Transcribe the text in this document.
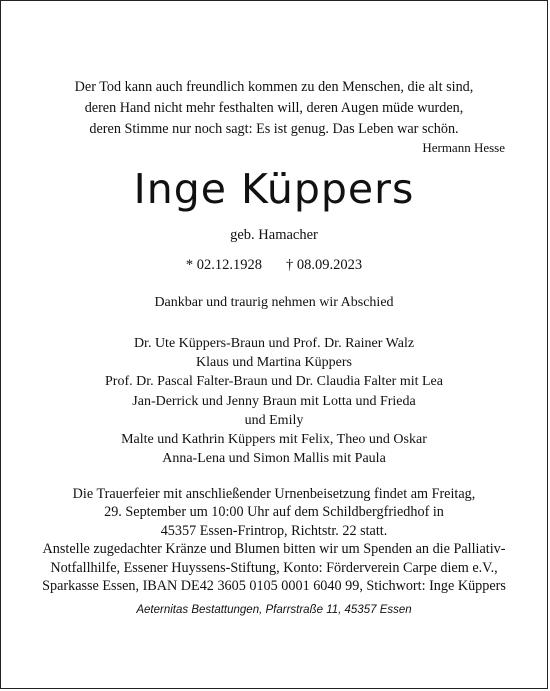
Der Tod kann auch freundlich kommen zu den Menschen, die alt sind,
deren Hand nicht mehr festhalten will, deren Augen müde wurden,
deren Stimme nur noch sagt: Es ist genug. Das Leben war schön.
Hermann Hesse
Inge Küppers
geb. Hamacher
* 02.12.1928 † 08.09.2023
Dankbar und traurig nehmen wir Abschied
Dr. Ute Küppers-Braun und Prof. Dr. Rainer Walz
Klaus und Martina Küppers
Prof. Dr. Pascal Falter-Braun und Dr. Claudia Falter mit Lea
Jan-Derrick und Jenny Braun mit Lotta und Frieda
und Emily
Malte und Kathrin Küppers mit Felix, Theo und Oskar
Anna-Lena und Simon Mallis mit Paula
Die Trauerfeier mit anschließender Urnenbeisetzung findet am Freitag,
29. September um 10:00 Uhr auf dem Schildbergfriedhof in
45357 Essen-Frintrop, Richtstr. 22 statt.
Anstelle zugedachter Kränze und Blumen bitten wir um Spenden an die Palliativ-
Notfallhilfe, Essener Huyssens-Stiftung, Konto: Förderverein Carpe diem e.V.,
Sparkasse Essen, IBAN DE42 3605 0105 0001 6040 99, Stichwort: Inge Küppers
Aeternitas Bestattungen, Pfarrstraße 11, 45357 Essen
